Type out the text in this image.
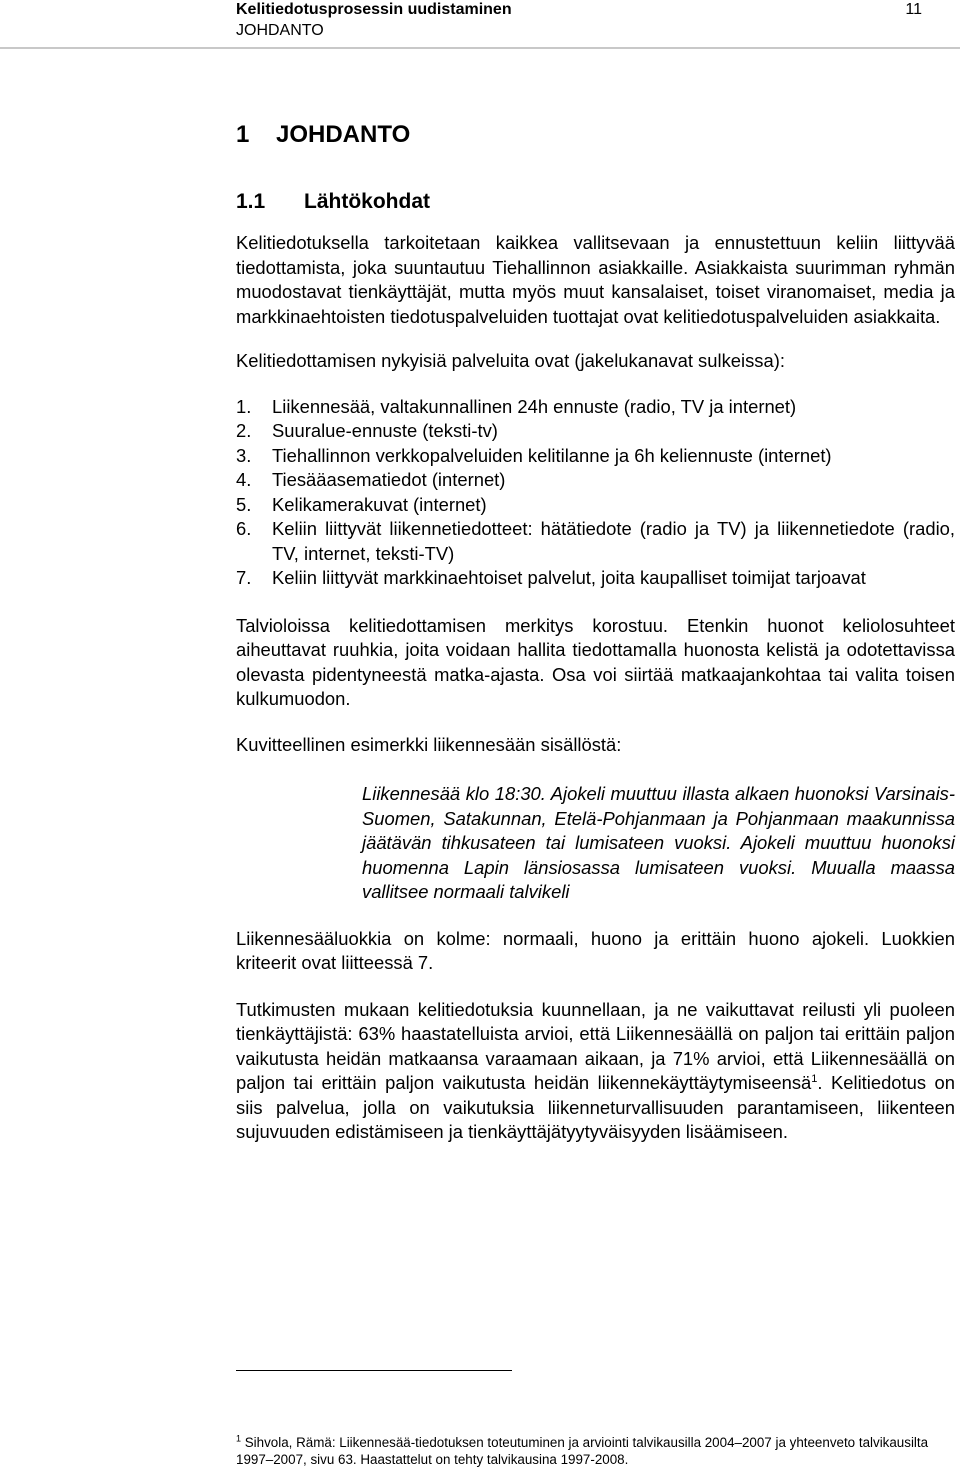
Kelitiedotusprosessin uudistaminen	11
JOHDANTO
1	JOHDANTO
1.1	Lähtökohdat

Kelitiedotuksella tarkoitetaan kaikkea vallitsevaan ja ennustettuun keliin liittyvää tiedottamista, joka suuntautuu Tiehallinnon asiakkaille. Asiakkaista suurimman ryhmän muodostavat tienkäyttäjät, mutta myös muut kansalaiset, toiset viranomaiset, media ja markkinaehtoisten tiedotuspalveluiden tuottajat ovat kelitiedotuspalveluiden asiakkaita.

Kelitiedottamisen nykyisiä palveluita ovat (jakelukanavat sulkeissa):

1.	Liikennesää, valtakunnallinen 24h ennuste (radio, TV ja internet)
2.	Suuralue-ennuste (teksti-tv)
3.	Tiehallinnon verkkopalveluiden kelitilanne ja 6h keliennuste (internet)
4.	Tiesääasematiedot (internet)
5.	Kelikamerakuvat (internet)
6.	Keliin liittyvät liikennetiedotteet: hätätiedote (radio ja TV) ja liikennetiedote (radio, TV, internet, teksti-TV)
7.	Keliin liittyvät markkinaehtoiset palvelut, joita kaupalliset toimijat tarjoavat

Talvioloissa kelitiedottamisen merkitys korostuu. Etenkin huonot keliolosuhteet aiheuttavat ruuhkia, joita voidaan hallita tiedottamalla huonosta kelistä ja odotettavissa olevasta pidentyneestä matka-ajasta. Osa voi siirtää matkaajankohtaa tai valita toisen kulkumuodon.

Kuvitteellinen esimerkki liikennesään sisällöstä:

Liikennesää klo 18:30. Ajokeli muuttuu illasta alkaen huonoksi Varsinais-Suomen, Satakunnan, Etelä-Pohjanmaan ja Pohjanmaan maakunnissa jäätävän tihkusateen tai lumisateen vuoksi. Ajokeli muuttuu huonoksi huomenna Lapin länsiosassa lumisateen vuoksi. Muualla maassa vallitsee normaali talvikeli

Liikennesääluokkia on kolme: normaali, huono ja erittäin huono ajokeli. Luokkien kriteerit ovat liitteessä 7.

Tutkimusten mukaan kelitiedotuksia kuunnellaan, ja ne vaikuttavat reilusti yli puoleen tienkäyttäjistä: 63% haastatelluista arvioi, että Liikennesäällä on paljon tai erittäin paljon vaikutusta heidän matkaansa varaamaan aikaan, ja 71% arvioi, että Liikennesäällä on paljon tai erittäin paljon vaikutusta heidän liikennekäyttäytymiseensä$^1$. Kelitiedotus on siis palvelua, jolla on vaikutuksia liikenneturvallisuuden parantamiseen, liikenteen sujuvuuden edistämiseen ja tienkäyttäjätyytyväisyyden lisäämiseen.

$^1$ Sihvola, Rämä: Liikennesää-tiedotuksen toteutuminen ja arviointi talvikausilla 2004–2007 ja yhteenveto talvikausilta 1997–2007, sivu 63. Haastattelut on tehty talvikausina 1997-2008.
